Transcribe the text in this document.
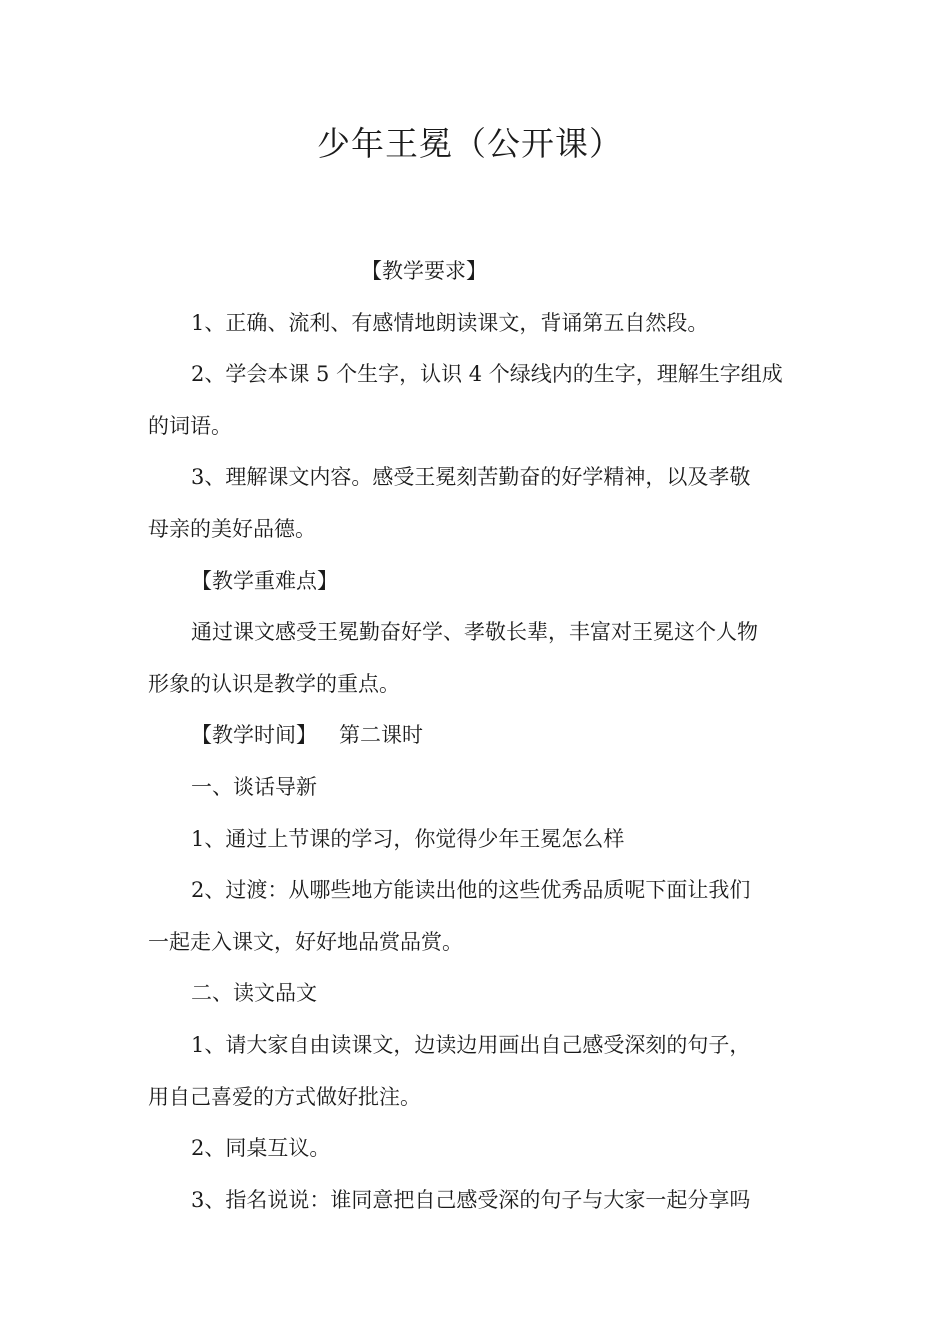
少年王冕（公开课）
【教学要求】
1、正确、流利、有感情地朗读课文，背诵第五自然段。
2、学会本课 5 个生字，认识 4 个绿线内的生字，理解生字组成
的词语。
3、理解课文内容。感受王冕刻苦勤奋的好学精神，以及孝敬
母亲的美好品德。
【教学重难点】
通过课文感受王冕勤奋好学、孝敬长辈，丰富对王冕这个人物
形象的认识是教学的重点。
【教学时间】 第二课时
一、谈话导新
1、通过上节课的学习，你觉得少年王冕怎么样
2、过渡：从哪些地方能读出他的这些优秀品质呢下面让我们
一起走入课文，好好地品赏品赏。
二、读文品文
1、请大家自由读课文，边读边用画出自己感受深刻的句子，
用自己喜爱的方式做好批注。
2、同桌互议。
3、指名说说：谁同意把自己感受深的句子与大家一起分享吗
